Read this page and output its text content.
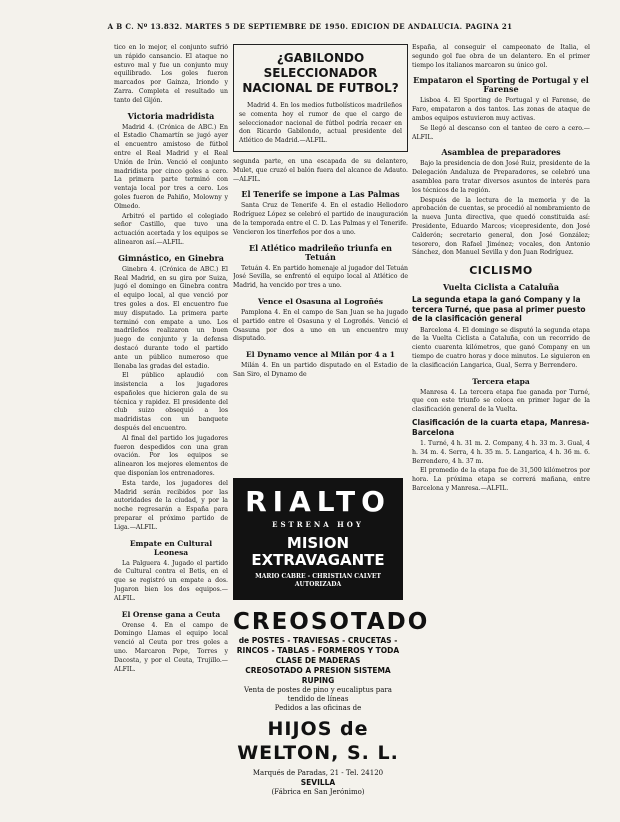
A B C. Nº 13.832. MARTES 5 DE SEPTIEMBRE DE 1950. EDICION DE ANDALUCIA. PAGINA 21

tico en lo mejor, el conjunto sufrió un rápido cansancio. El ataque no estuvo mal y fue un conjunto muy equilibrado. Los goles fueron marcados por Gainza, Iriondo y Zarra. Completa el resultado un tanto del Gijón.

Victoria madridista

Madrid 4. (Crónica de ABC.) En el Estadio Chamartín se jugó ayer el encuentro amistoso de fútbol entre el Real Madrid y el Real Unión de Irún. Venció el conjunto madridista por cinco goles a cero. La primera parte terminó con ventaja local por tres a cero. Los goles fueron de Pahiño, Molowny y Olmedo.

Arbitró el partido el colegiado señor Castillo, que tuvo una actuación acertada y los equipos se alinearon así.—ALFIL.

Gimnástico, en Ginebra

Ginebra 4. (Crónica de ABC.) El Real Madrid, en su gira por Suiza, jugó el domingo en Ginebra contra el equipo local, al que venció por tres goles a dos. El encuentro fue muy disputado. La primera parte terminó con empate a uno. Los madrileños realizaron un buen juego de conjunto y la defensa destacó durante todo el partido ante un público numeroso que llenaba las gradas del estadio.

El público aplaudió con insistencia a los jugadores españoles que hicieron gala de su técnica y rapidez. El presidente del club suizo obsequió a los madridistas con un banquete después del encuentro.

Al final del partido los jugadores fueron despedidos con una gran ovación. Por los equipos se alinearon los mejores elementos de que disponían los entrenadores.

Esta tarde, los jugadores del Madrid serán recibidos por las autoridades de la ciudad, y por la noche regresarán a España para preparar el próximo partido de Liga.—ALFIL.

Empate en Cultural Leonesa

La Palguera 4. Jugado el partido de Cultural contra el Betis, en el que se registró un empate a dos. Jugaron bien los dos equipos.—ALFIL.

El Orense gana a Ceuta

Orense 4. En el campo de Domingo Llamas el equipo local venció al Ceuta por tres goles a uno. Marcaron Pepe, Torres y Dacosta, y por el Ceuta, Trujillo.—ALFIL.

¿GABILONDO SELECCIONADOR NACIONAL DE FUTBOL?

Madrid 4. En los medios futbolísticos madrileños se comenta hoy el rumor de que el cargo de seleccionador nacional de fútbol podría recaer en don Ricardo Gabilondo, actual presidente del Atlético de Madrid.—ALFIL.

segunda parte, en una escapada de su delantero, Mulet, que cruzó el balón fuera del alcance de Adauto.—ALFIL.

El Tenerife se impone a Las Palmas

Santa Cruz de Tenerife 4. En el estadio Heliodoro Rodríguez López se celebró el partido de inauguración de la temporada entre el C. D. Las Palmas y el Tenerife. Vencieron los tinerfeños por dos a uno.

El Atlético madrileño triunfa en Tetuán

Tetuán 4. En partido homenaje al jugador del Tetuán José Sevilla, se enfrentó el equipo local al Atlético de Madrid, ha vencido por tres a uno.

Vence el Osasuna al Logroñés

Pamplona 4. En el campo de San Juan se ha jugado el partido entre el Osasuna y el Logroñés. Venció el Osasuna por dos a uno en un encuentro muy disputado.

El Dynamo vence al Milán por 4 a 1

Milán 4. En un partido disputado en el Estadio de San Siro, el Dynamo de

RIALTO
ESTRENA HOY
MISION EXTRAVAGANTE
MARIO CABRE - CHRISTIAN CALVET
AUTORIZADA
CREOSOTADO
de POSTES - TRAVIESAS - CRUCETAS - RINCOS - TABLAS - FORMEROS Y TODA CLASE DE MADERAS
CREOSOTADO A PRESION SISTEMA RUPING
Venta de postes de pino y eucaliptus para tendido de líneas
Pedidos a las oficinas de
HIJOS de WELTON, S. L.
Marqués de Paradas, 21 - Tel. 24120
SEVILLA
(Fábrica en San Jerónimo)

España, al conseguir el campeonato de Italia, el segundo gol fue obra de un delantero. En el primer tiempo los italianos marcaron su único gol.

Empataron el Sporting de Portugal y el Farense

Lisboa 4. El Sporting de Portugal y el Farense, de Faro, empataron a dos tantos. Las zonas de ataque de ambos equipos estuvieron muy activas.

Se llegó al descanso con el tanteo de cero a cero.—ALFIL.

Asamblea de preparadores

Bajo la presidencia de don José Ruiz, presidente de la Delegación Andaluza de Preparadores, se celebró una asamblea para tratar diversos asuntos de interés para los técnicos de la región.

Después de la lectura de la memoria y de la aprobación de cuentas, se procedió al nombramiento de la nueva Junta directiva, que quedó constituida así: Presidente, Eduardo Marcos; vicepresidente, don José Calderón; secretario general, don José González; tesorero, don Rafael Jiménez; vocales, don Antonio Sánchez, don Manuel Sevilla y don Juan Rodríguez.

CICLISMO
Vuelta Ciclista a Cataluña
La segunda etapa la ganó Company y la tercera Turné, que pasa al primer puesto de la clasificación general

Barcelona 4. El domingo se disputó la segunda etapa de la Vuelta Ciclista a Cataluña, con un recorrido de ciento cuarenta kilómetros, que ganó Company en un tiempo de cuatro horas y doce minutos. Le siguieron en la clasificación Langarica, Gual, Serra y Berrendero.

Tercera etapa

Manresa 4. La tercera etapa fue ganada por Turné, que con este triunfo se coloca en primer lugar de la clasificación general de la Vuelta.

Clasificación de la cuarta etapa, Manresa-Barcelona

1. Turné, 4 h. 31 m. 2. Company, 4 h. 33 m. 3. Gual, 4 h. 34 m. 4. Serra, 4 h. 35 m. 5. Langarica, 4 h. 36 m. 6. Berrendero, 4 h. 37 m.

El promedio de la etapa fue de 31,500 kilómetros por hora. La próxima etapa se correrá mañana, entre Barcelona y Manresa.—ALFIL.
